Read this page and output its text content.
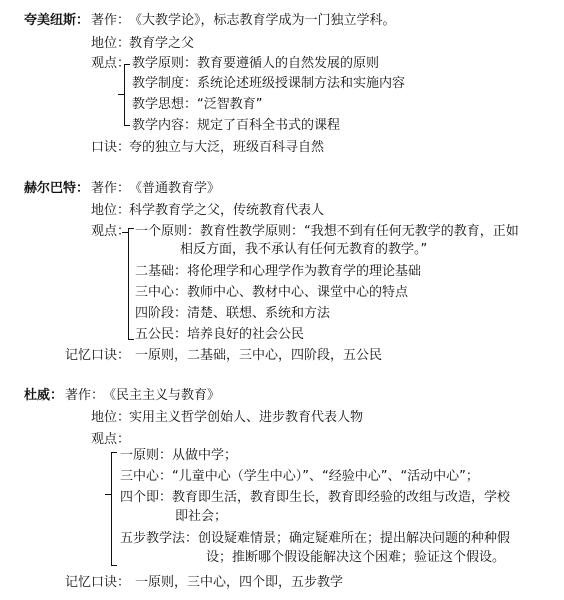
夸美纽斯： 著作：
《大教学论》，标志教育学成为一门独立学科。
地位：
教育学之父
观点： 教学原则：教育要遵循人的自然发展的原则
教学制度：系统论述班级授课制方法和实施内容
教学思想：“泛智教育”
教学内容：规定了百科全书式的课程
口诀：
夸的独立与大泛，班级百科寻自然
赫尔巴特： 著作：
《普通教育学》
地位：
科学教育学之父，传统教育代表人
观点： 一个原则：教育性教学原则：“我想不到有任何无教学的教育，正如
相反方面，我不承认有任何无教育的教学。”
二基础：将伦理学和心理学作为教育学的理论基础
三中心：教师中心、教材中心、课堂中心的特点
四阶段：清楚、联想、系统和方法
五公民：培养良好的社会公民
记忆口诀： 一原则，二基础，三中心，四阶段，五公民
杜威： 著作：
《民主主义与教育》
地位：
实用主义哲学创始人、进步教育代表人物
观点：
一原则：从做中学；
三中心：“儿童中心（学生中心）”、“经验中心”、“活动中心”；
四个即：教育即生活，教育即生长，教育即经验的改组与改造，学校
即社会；
五步教学法：创设疑难情景；确定疑难所在；提出解决问题的种种假
设；推断哪个假设能解决这个困难；验证这个假设。
记忆口诀： 一原则，三中心，四个即，五步教学
